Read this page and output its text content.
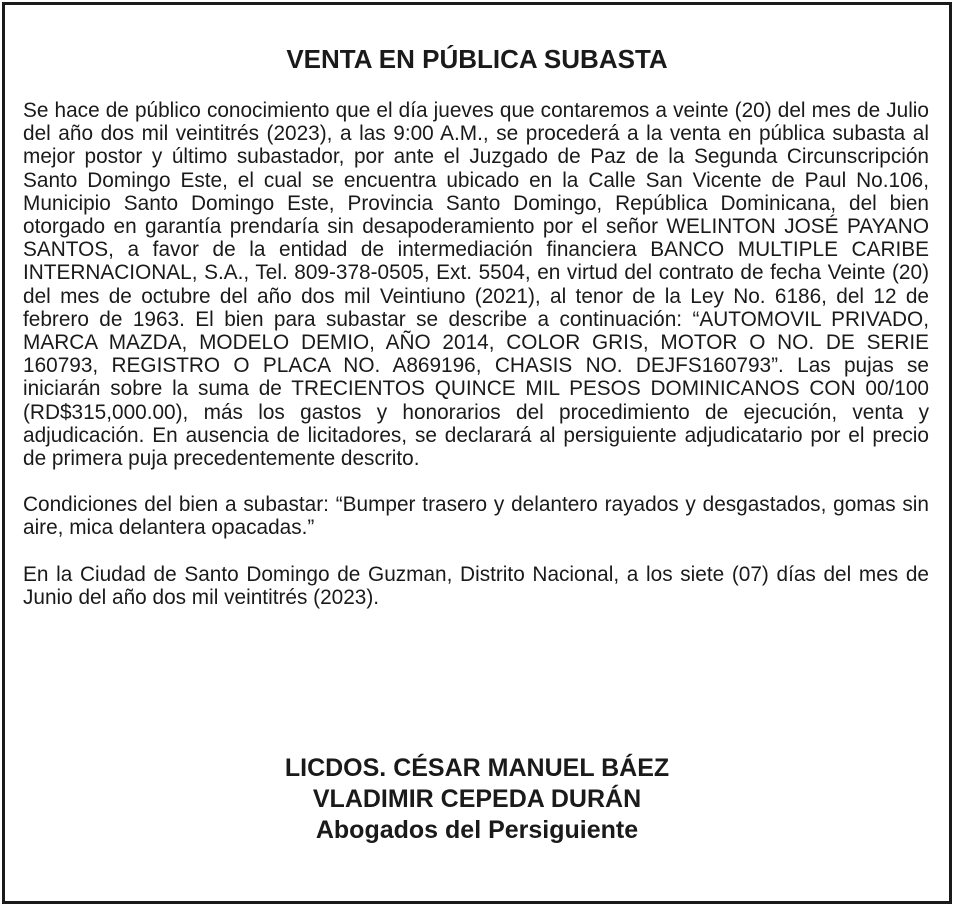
VENTA EN PÚBLICA SUBASTA

Se hace de público conocimiento que el día jueves que contaremos a veinte (20) del mes de Julio del año dos mil veintitrés (2023), a las 9:00 A.M., se procederá a la venta en pública subasta al mejor postor y último subastador, por ante el Juzgado de Paz de la Segunda Circunscripción Santo Domingo Este, el cual se encuentra ubicado en la Calle San Vicente de Paul No.106, Municipio Santo Domingo Este, Provincia Santo Domingo, República Dominicana, del bien otorgado en garantía prendaría sin desapoderamiento por el señor WELINTON JOSÉ PAYANO SANTOS, a favor de la entidad de intermediación financiera BANCO MULTIPLE CARIBE INTERNACIONAL, S.A., Tel. 809-378-0505, Ext. 5504, en virtud del contrato de fecha Veinte (20) del mes de octubre del año dos mil Veintiuno (2021), al tenor de la Ley No. 6186, del 12 de febrero de 1963. El bien para subastar se describe a continuación: “AUTOMOVIL PRIVADO, MARCA MAZDA, MODELO DEMIO, AÑO 2014, COLOR GRIS, MOTOR O NO. DE SERIE 160793, REGISTRO O PLACA NO. A869196, CHASIS NO. DEJFS160793”. Las pujas se iniciarán sobre la suma de TRECIENTOS QUINCE MIL PESOS DOMINICANOS CON 00/100 (RD$315,000.00), más los gastos y honorarios del procedimiento de ejecución, venta y adjudicación. En ausencia de licitadores, se declarará al persiguiente adjudicatario por el precio de primera puja precedentemente descrito.

Condiciones del bien a subastar: “Bumper trasero y delantero rayados y desgastados, gomas sin aire, mica delantera opacadas.”

En la Ciudad de Santo Domingo de Guzman, Distrito Nacional, a los siete (07) días del mes de Junio del año dos mil veintitrés (2023).

LICDOS. CÉSAR MANUEL BÁEZ
VLADIMIR CEPEDA DURÁN
Abogados del Persiguiente
